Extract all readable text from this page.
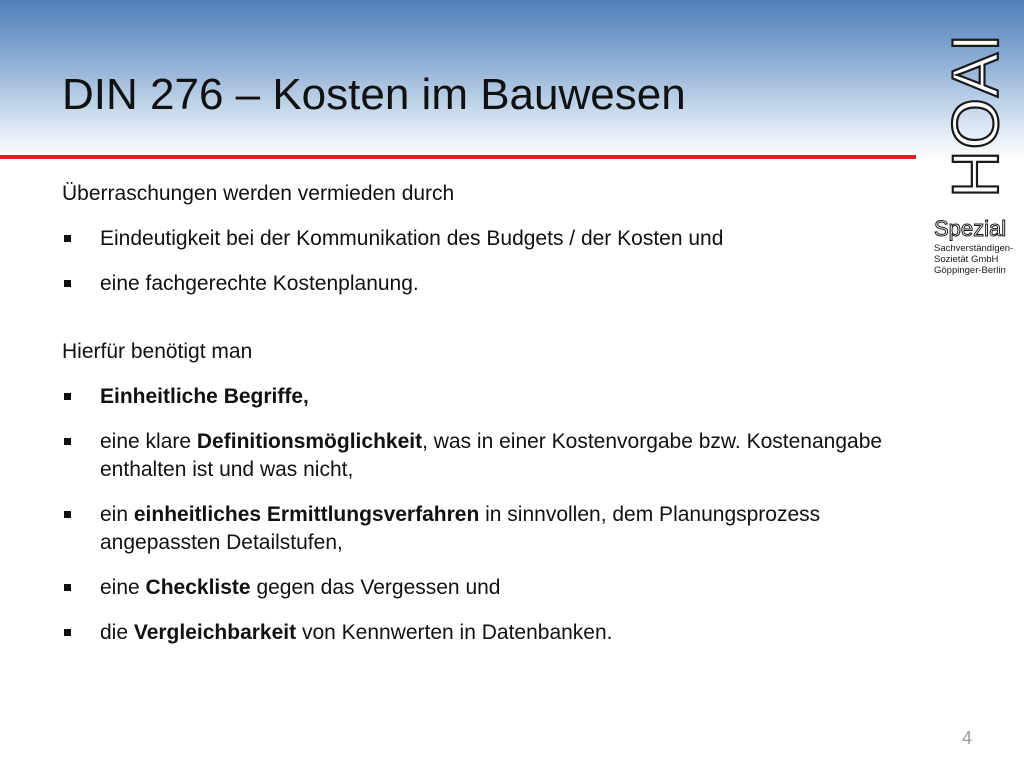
DIN 276 – Kosten im Bauwesen	HOAI
Spezial
Sachverständigen-
Sozietät GmbH
Göppinger-Berlin

Überraschungen werden vermieden durch

Eindeutigkeit bei der Kommunikation des Budgets / der Kosten und
eine fachgerechte Kostenplanung.

Hierfür benötigt man

Einheitliche Begriffe,
eine klare Definitionsmöglichkeit, was in einer Kostenvorgabe bzw. Kostenangabe enthalten ist und was nicht,
ein einheitliches Ermittlungsverfahren in sinnvollen, dem Planungsprozess angepassten Detailstufen,
eine Checkliste gegen das Vergessen und
die Vergleichbarkeit von Kennwerten in Datenbanken.
4
